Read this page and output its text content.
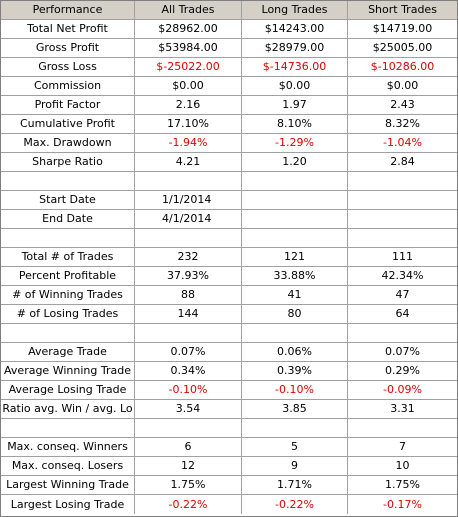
Performance	All Trades	Long Trades	Short Trades
Total Net Profit	$28962.00	$14243.00	$14719.00
Gross Profit	$53984.00	$28979.00	$25005.00
Gross Loss	$-25022.00	$-14736.00	$-10286.00
Commission	$0.00	$0.00	$0.00
Profit Factor	2.16	1.97	2.43
Cumulative Profit	17.10%	8.10%	8.32%
Max. Drawdown	-1.94%	-1.29%	-1.04%
Sharpe Ratio	4.21	1.20	2.84
Start Date	1/1/2014
End Date	4/1/2014
Total # of Trades	232	121	111
Percent Profitable	37.93%	33.88%	42.34%
# of Winning Trades	88	41	47
# of Losing Trades	144	80	64
Average Trade	0.07%	0.06%	0.07%
Average Winning Trade	0.34%	0.39%	0.29%
Average Losing Trade	-0.10%	-0.10%	-0.09%
Ratio avg. Win / avg. Lo	3.54	3.85	3.31
Max. conseq. Winners	6	5	7
Max. conseq. Losers	12	9	10
Largest Winning Trade	1.75%	1.71%	1.75%
Largest Losing Trade	-0.22%	-0.22%	-0.17%
